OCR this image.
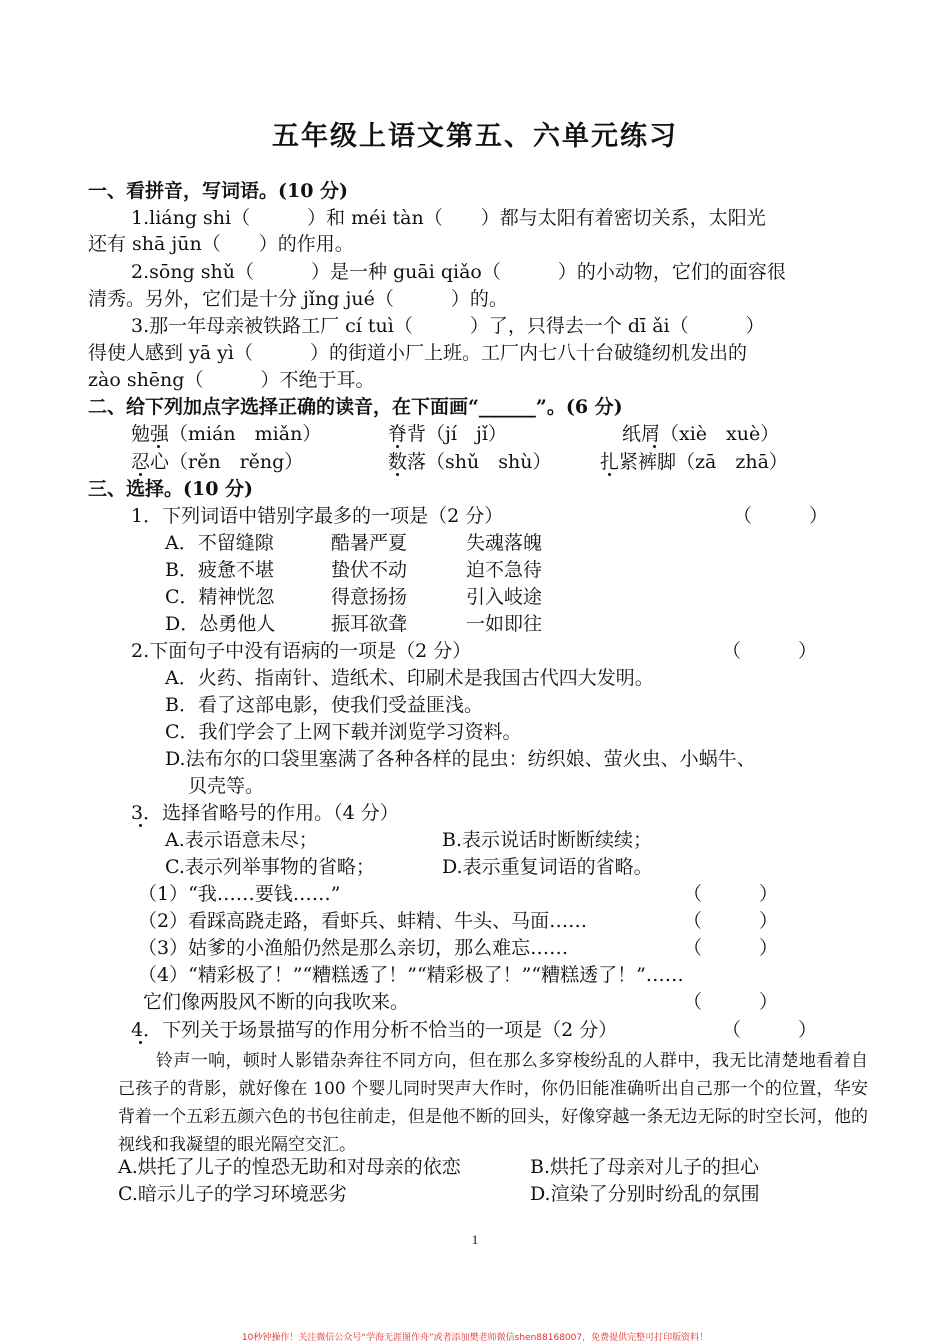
五年级上语文第五、六单元练习
一、看拼音，写词语。(10 分)
1.liáng shi（　　　）和 méi tàn（　　）都与太阳有着密切关系，太阳光
还有 shā jūn（　　）的作用。
2.sōng shǔ（　　　）是一种 guāi qiǎo（　　　）的小动物，它们的面容很
清秀。另外，它们是十分 jǐng jué（　　　）的。
3.那一年母亲被铁路工厂 cí tuì（　　　）了，只得去一个 dī ǎi（　　　）
得使人感到 yā yì（　　　）的街道小厂上班。工厂内七八十台破缝纫机发出的
zào shēng（　　　）不绝于耳。
二、给下列加点字选择正确的读音，在下面画“______”。(6 分)
勉强（mián　miǎn）	脊背（jí　jǐ）	纸屑（xiè　xuè）
忍心（rěn　rěng）	数落（shǔ　shù）	扎紧裤脚（zā　zhā）
三、选择。(10 分)
1．下列词语中错别字最多的一项是（2 分）	（　　　）
A．不留缝隙	酷暑严夏	失魂落魄
B．疲惫不堪	蛰伏不动	迫不急待
C．精神恍忽	得意扬扬	引入岐途
D．怂勇他人	振耳欲聋	一如即往
2.下面句子中没有语病的一项是（2 分）	（　　　）
A．火药、指南针、造纸术、印刷术是我国古代四大发明。
B．看了这部电影，使我们受益匪浅。
C．我们学会了上网下载并浏览学习资料。
D.法布尔的口袋里塞满了各种各样的昆虫：纺织娘、萤火虫、小蜗牛、
贝壳等。
3．选择省略号的作用。（4 分）
A.表示语意未尽；	B.表示说话时断断续续；
C.表示列举事物的省略；	D.表示重复词语的省略。
（1）“我……要钱……”	（　　　）
（2）看踩高跷走路，看虾兵、蚌精、牛头、马面……	（　　　）
（3）姑爹的小渔船仍然是那么亲切，那么难忘……	（　　　）
（4）“精彩极了！”“糟糕透了！”“精彩极了！”“糟糕透了！”……
它们像两股风不断的向我吹来。	（　　　）
4．下列关于场景描写的作用分析不恰当的一项是（2 分）	（　　　）
铃声一响，顿时人影错杂奔往不同方向，但在那么多穿梭纷乱的人群中，我无比清楚地看着自己孩子的背影，就好像在 100 个婴儿同时哭声大作时，你仍旧能准确听出自己那一个的位置，华安背着一个五彩五颜六色的书包往前走，但是他不断的回头，好像穿越一条无边无际的时空长河，他的视线和我凝望的眼光隔空交汇。
A.烘托了儿子的惶恐无助和对母亲的依恋	B.烘托了母亲对儿子的担心
C.暗示儿子的学习环境恶劣	D.渲染了分别时纷乱的氛围
1
10秒钟操作！关注微信公众号“学海无涯图作舟”或者添加樊老师微信shen88168007，免费提供完整可打印版资料！
